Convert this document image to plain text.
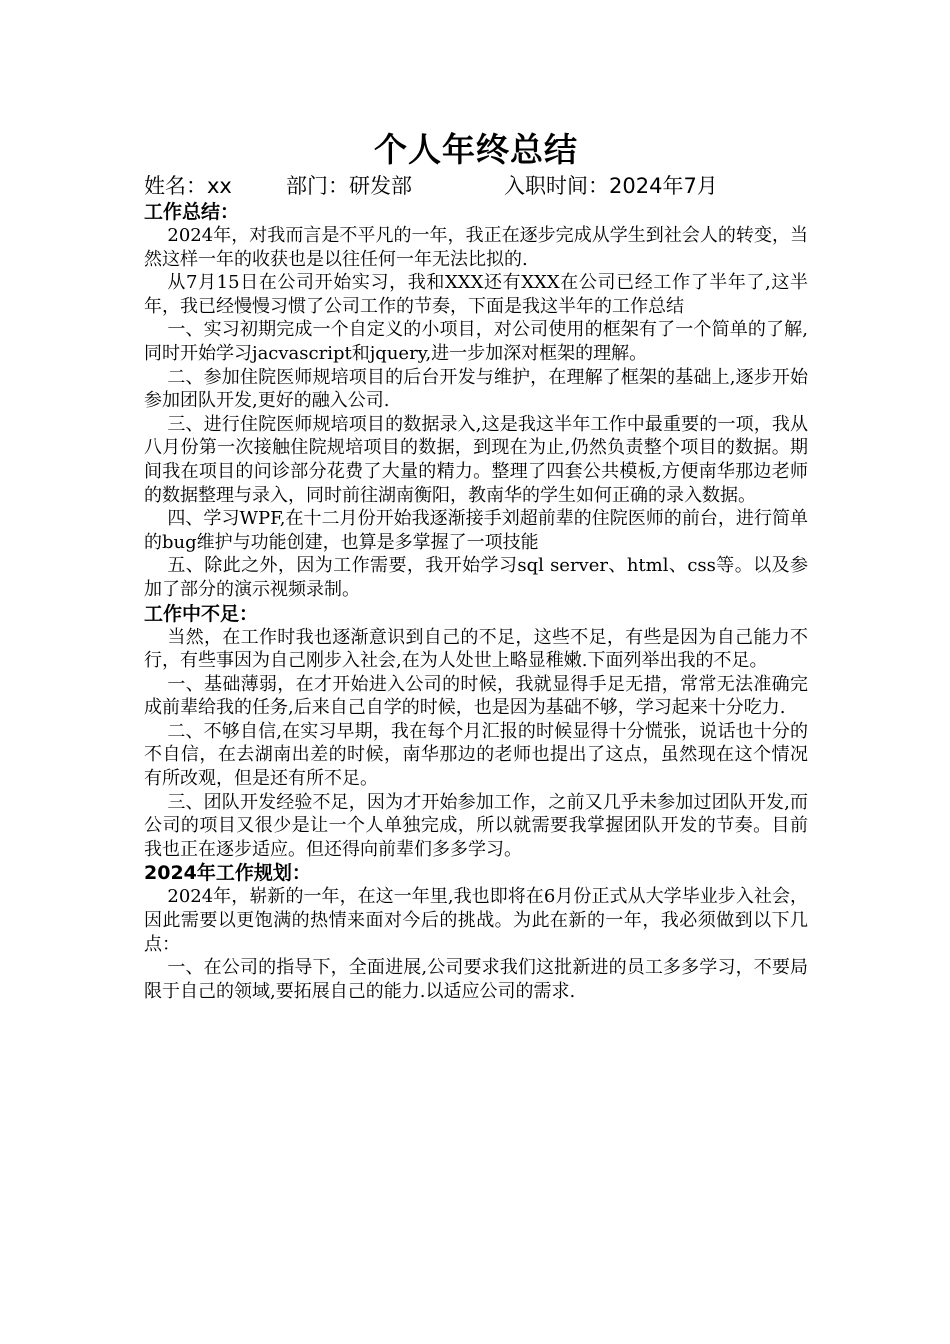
个人年终总结

姓名：xx	部门：研发部	入职时间：2024年7月

工作总结：

2024年，对我而言是不平凡的一年，我正在逐步完成从学生到社会人的转变，当然这样一年的收获也是以往任何一年无法比拟的.

从7月15日在公司开始实习，我和XXX还有XXX在公司已经工作了半年了,这半年，我已经慢慢习惯了公司工作的节奏，下面是我这半年的工作总结

一、实习初期完成一个自定义的小项目，对公司使用的框架有了一个简单的了解,同时开始学习jacvascript和jquery,进一步加深对框架的理解。

二、参加住院医师规培项目的后台开发与维护，在理解了框架的基础上,逐步开始参加团队开发,更好的融入公司.

三、进行住院医师规培项目的数据录入,这是我这半年工作中最重要的一项，我从八月份第一次接触住院规培项目的数据，到现在为止,仍然负责整个项目的数据。期间我在项目的问诊部分花费了大量的精力。整理了四套公共模板,方便南华那边老师的数据整理与录入，同时前往湖南衡阳，教南华的学生如何正确的录入数据。

四、学习WPF,在十二月份开始我逐渐接手刘超前辈的住院医师的前台，进行简单的bug维护与功能创建，也算是多掌握了一项技能

五、除此之外，因为工作需要，我开始学习sql server、html、css等。以及参加了部分的演示视频录制。

工作中不足：

当然，在工作时我也逐渐意识到自己的不足，这些不足，有些是因为自己能力不行，有些事因为自己刚步入社会,在为人处世上略显稚嫩.下面列举出我的不足。

一、基础薄弱，在才开始进入公司的时候，我就显得手足无措，常常无法准确完成前辈给我的任务,后来自己自学的时候，也是因为基础不够，学习起来十分吃力.

二、不够自信,在实习早期，我在每个月汇报的时候显得十分慌张，说话也十分的不自信，在去湖南出差的时候，南华那边的老师也提出了这点，虽然现在这个情况有所改观，但是还有所不足。

三、团队开发经验不足，因为才开始参加工作，之前又几乎未参加过团队开发,而公司的项目又很少是让一个人单独完成，所以就需要我掌握团队开发的节奏。目前我也正在逐步适应。但还得向前辈们多多学习。

2024年工作规划：

2024年，崭新的一年，在这一年里,我也即将在6月份正式从大学毕业步入社会，因此需要以更饱满的热情来面对今后的挑战。为此在新的一年，我必须做到以下几点：

一、在公司的指导下，全面进展,公司要求我们这批新进的员工多多学习，不要局限于自己的领域,要拓展自己的能力.以适应公司的需求.
